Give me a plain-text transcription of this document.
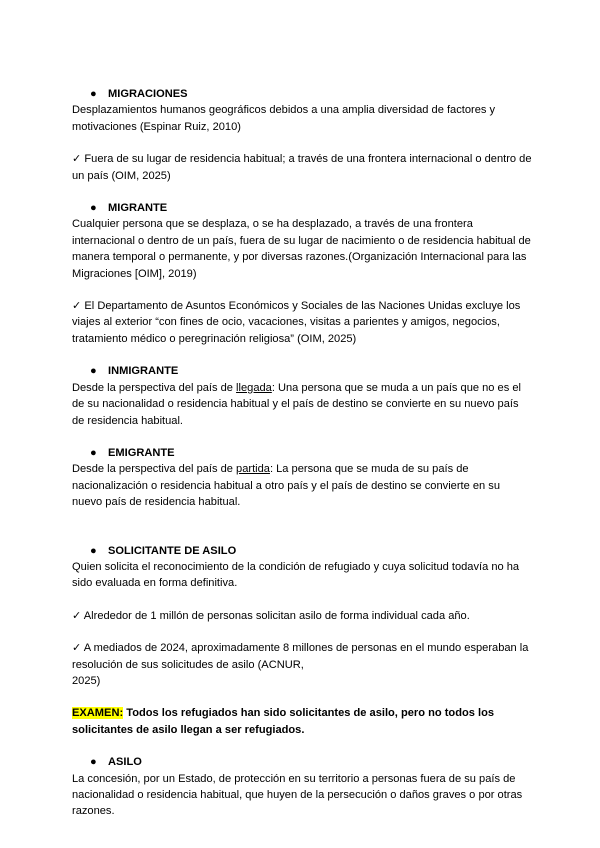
● MIGRACIONES

Desplazamientos humanos geográficos debidos a una amplia diversidad de factores y motivaciones (Espinar Ruiz, 2010)

✓ Fuera de su lugar de residencia habitual; a través de una frontera internacional o dentro de un país (OIM, 2025)

● MIGRANTE

Cualquier persona que se desplaza, o se ha desplazado, a través de una frontera internacional o dentro de un país, fuera de su lugar de nacimiento o de residencia habitual de manera temporal o permanente, y por diversas razones.(Organización Internacional para las Migraciones [OIM], 2019)

✓ El Departamento de Asuntos Económicos y Sociales de las Naciones Unidas excluye los viajes al exterior “con fines de ocio, vacaciones, visitas a parientes y amigos, negocios, tratamiento médico o peregrinación religiosa” (OIM, 2025)

● INMIGRANTE

Desde la perspectiva del país de llegada: Una persona que se muda a un país que no es el de su nacionalidad o residencia habitual y el país de destino se convierte en su nuevo país de residencia habitual.

● EMIGRANTE

Desde la perspectiva del país de partida: La persona que se muda de su país de nacionalización o residencia habitual a otro país y el país de destino se convierte en su nuevo país de residencia habitual.

● SOLICITANTE DE ASILO

Quien solicita el reconocimiento de la condición de refugiado y cuya solicitud todavía no ha sido evaluada en forma definitiva.

✓ Alrededor de 1 millón de personas solicitan asilo de forma individual cada año.

✓ A mediados de 2024, aproximadamente 8 millones de personas en el mundo esperaban la resolución de sus solicitudes de asilo (ACNUR,

2025)

EXAMEN: Todos los refugiados han sido solicitantes de asilo, pero no todos los solicitantes de asilo llegan a ser refugiados.

● ASILO

La concesión, por un Estado, de protección en su territorio a personas fuera de su país de nacionalidad o residencia habitual, que huyen de la persecución o daños graves o por otras razones.
